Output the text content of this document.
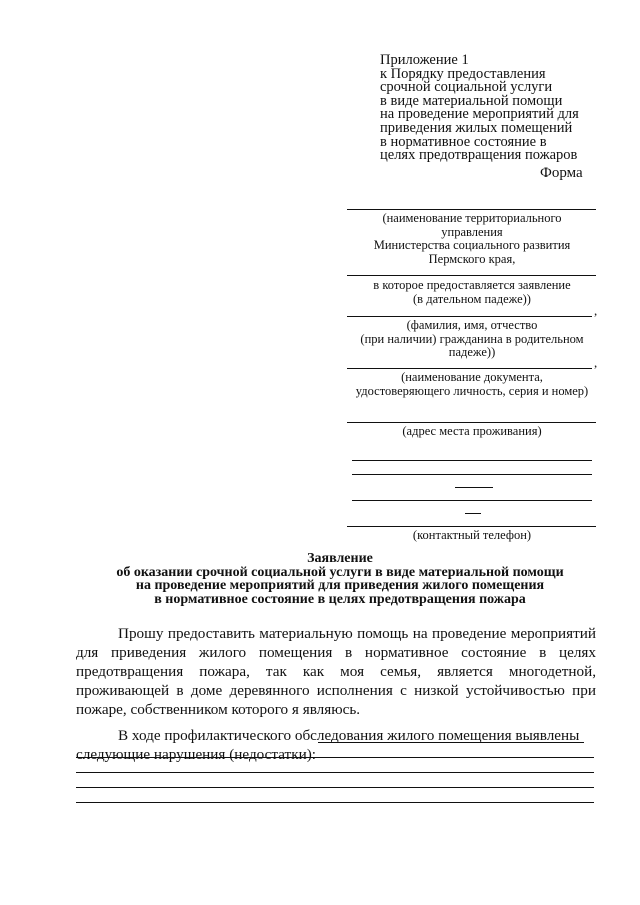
Приложение 1
к Порядку предоставления
срочной социальной услуги
в виде материальной помощи
на проведение мероприятий для
приведения жилых помещений
в нормативное состояние в
целях предотвращения пожаров
Форма
(наименование территориального
управления
Министерства социального развития
Пермского края,
в которое предоставляется заявление
(в дательном падеже))
,
(фамилия, имя, отчество
(при наличии) гражданина в родительном
падеже))
,
(наименование документа,
удостоверяющего личность, серия и номер)
(адрес места проживания)
(контактный телефон)
Заявление
об оказании срочной социальной услуги в виде материальной помощи
на проведение мероприятий для приведения жилого помещения
в нормативное состояние в целях предотвращения пожара
Прошу предоставить материальную помощь на проведение мероприятий для приведения жилого помещения в нормативное состояние в целях предотвращения пожара, так как моя семья, является многодетной, проживающей в доме деревянного исполнения с низкой устойчивостью при пожаре, собственником которого я являюсь.
В ходе профилактического обследования жилого помещения выявлены
следующие нарушения (недостатки):
